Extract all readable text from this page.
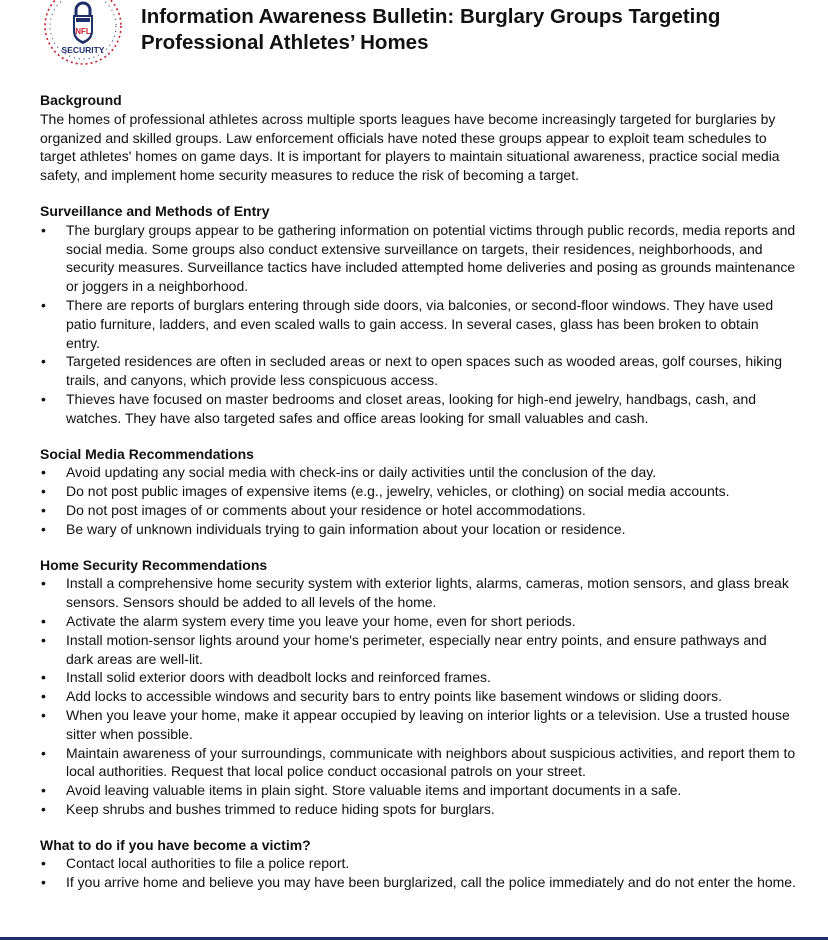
NFL
SECURITY
Information Awareness Bulletin: Burglary Groups Targeting Professional Athletes’ Homes
Background

The homes of professional athletes across multiple sports leagues have become increasingly targeted for burglaries by organized and skilled groups. Law enforcement officials have noted these groups appear to exploit team schedules to target athletes' homes on game days. It is important for players to maintain situational awareness, practice social media safety, and implement home security measures to reduce the risk of becoming a target.

Surveillance and Methods of Entry
• The burglary groups appear to be gathering information on potential victims through public records, media reports and social media. Some groups also conduct extensive surveillance on targets, their residences, neighborhoods, and security measures. Surveillance tactics have included attempted home deliveries and posing as grounds maintenance or joggers in a neighborhood.
• There are reports of burglars entering through side doors, via balconies, or second-floor windows. They have used patio furniture, ladders, and even scaled walls to gain access. In several cases, glass has been broken to obtain entry.
• Targeted residences are often in secluded areas or next to open spaces such as wooded areas, golf courses, hiking trails, and canyons, which provide less conspicuous access.
• Thieves have focused on master bedrooms and closet areas, looking for high-end jewelry, handbags, cash, and watches. They have also targeted safes and office areas looking for small valuables and cash.
Social Media Recommendations
• Avoid updating any social media with check-ins or daily activities until the conclusion of the day.
• Do not post public images of expensive items (e.g., jewelry, vehicles, or clothing) on social media accounts.
• Do not post images of or comments about your residence or hotel accommodations.
• Be wary of unknown individuals trying to gain information about your location or residence.
Home Security Recommendations
• Install a comprehensive home security system with exterior lights, alarms, cameras, motion sensors, and glass break sensors. Sensors should be added to all levels of the home.
• Activate the alarm system every time you leave your home, even for short periods.
• Install motion-sensor lights around your home's perimeter, especially near entry points, and ensure pathways and dark areas are well-lit.
• Install solid exterior doors with deadbolt locks and reinforced frames.
• Add locks to accessible windows and security bars to entry points like basement windows or sliding doors.
• When you leave your home, make it appear occupied by leaving on interior lights or a television. Use a trusted house sitter when possible.
• Maintain awareness of your surroundings, communicate with neighbors about suspicious activities, and report them to local authorities. Request that local police conduct occasional patrols on your street.
• Avoid leaving valuable items in plain sight. Store valuable items and important documents in a safe.
• Keep shrubs and bushes trimmed to reduce hiding spots for burglars.
What to do if you have become a victim?
• Contact local authorities to file a police report.
• If you arrive home and believe you may have been burglarized, call the police immediately and do not enter the home.
